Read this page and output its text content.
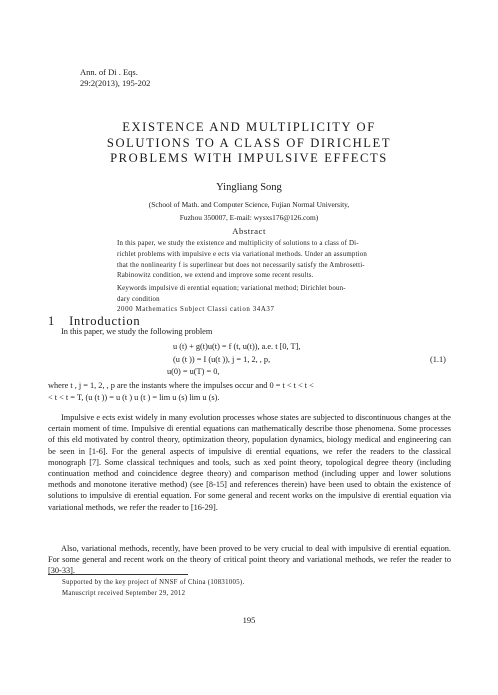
Ann. of Di . Eqs.
29:2(2013), 195-202
EXISTENCE AND MULTIPLICITY OF
SOLUTIONS TO A CLASS OF DIRICHLET
PROBLEMS WITH IMPULSIVE EFFECTS
Yingliang Song
(School of Math. and Computer Science, Fujian Normal University,
Fuzhou 350007, E-mail: wysxs176@126.com)
Abstract
In this paper, we study the existence and multiplicity of solutions to a class of Di-
richlet problems with impulsive e ects via variational methods. Under an assumption
that the nonlinearity f is superlinear but does not necessarily satisfy the Ambrosetti-
Rabinowitz condition, we extend and improve some recent results.
Keywords impulsive di erential equation; variational method; Dirichlet boun-
dary condition
2000 Mathematics Subject Classi cation 34A37
1 Introduction
In this paper, we study the following problem
u (t) + g(t)u(t) = f (t, u(t)), a.e. t [0, T],
(u (t )) = I (u(t )), j = 1, 2, , p,	(1.1)
u(0) = u(T) = 0,
where t , j = 1, 2, , p are the instants where the impulses occur and 0 = t < t < t <
< t < t = T, (u (t )) = u (t ) u (t ) = lim u (s) lim u (s).
Impulsive e ects exist widely in many evolution processes whose states are subjected to discontinuous changes at the certain moment of time. Impulsive di erential equations can mathematically describe those phenomena. Some processes of this eld motivated by control theory, optimization theory, population dynamics, biology medical and engineering can be seen in [1-6]. For the general aspects of impulsive di erential equations, we refer the readers to the classical monograph [7]. Some classical techniques and tools, such as xed point theory, topological degree theory (including continuation method and coincidence degree theory) and comparison method (including upper and lower solutions methods and monotone iterative method) (see [8-15] and references therein) have been used to obtain the existence of solutions to impulsive di erential equation. For some general and recent works on the impulsive di erential equation via variational methods, we refer the reader to [16-29].
Also, variational methods, recently, have been proved to be very crucial to deal with impulsive di erential equation. For some general and recent work on the theory of critical point theory and variational methods, we refer the reader to [30-33].
Supported by the key project of NNSF of China (10831005).
Manuscript received September 29, 2012
195
